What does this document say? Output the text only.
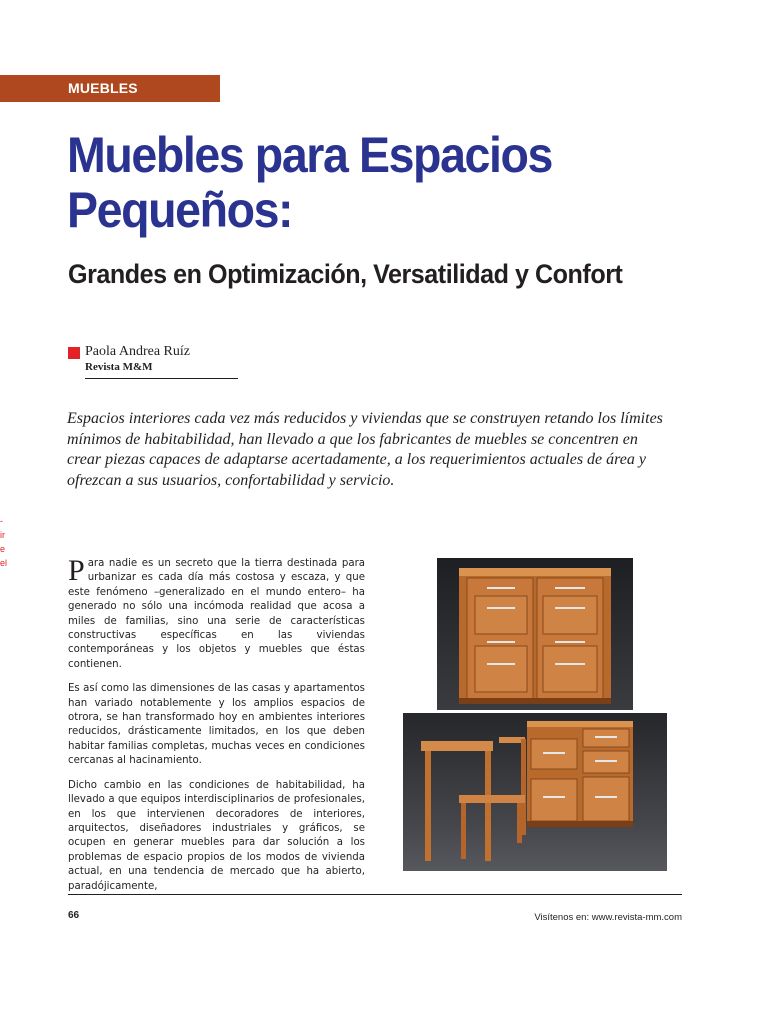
MUEBLES
Muebles para Espacios Pequeños:
Grandes en Optimización, Versatilidad y Confort
Paola Andrea Ruíz
Revista M&M

Espacios interiores cada vez más reducidos y viviendas que se construyen retando los límites mínimos de habitabilidad, han llevado a que los fabricantes de muebles se concentren en crear piezas capaces de adaptarse acertadamente, a los requerimientos actuales de área y ofrezcan a sus usuarios, confortabilidad y servicio.

-
ir
e
el Para nadie es un secreto que la tierra destinada para urbanizar es cada día más costosa y escaza, y que este fenómeno –generalizado en el mundo entero– ha generado no sólo una incómoda realidad que acosa a miles de familias, sino una serie de características constructivas específicas en las viviendas contemporáneas y los objetos y muebles que éstas contienen.

Es así como las dimensiones de las casas y apartamentos han variado notablemente y los amplios espacios de otrora, se han transformado hoy en ambientes interiores reducidos, drásticamente limitados, en los que deben habitar familias completas, muchas veces en condiciones cercanas al hacinamiento.

Dicho cambio en las condiciones de habitabilidad, ha llevado a que equipos interdisciplinarios de profesionales, en los que intervienen decoradores de interiores, arquitectos, diseñadores industriales y gráficos, se ocupen en generar muebles para dar solución a los problemas de espacio propios de los modos de vivienda actual, en una tendencia de mercado que ha abierto, paradójicamente,

66	Visítenos en: www.revista-mm.com
